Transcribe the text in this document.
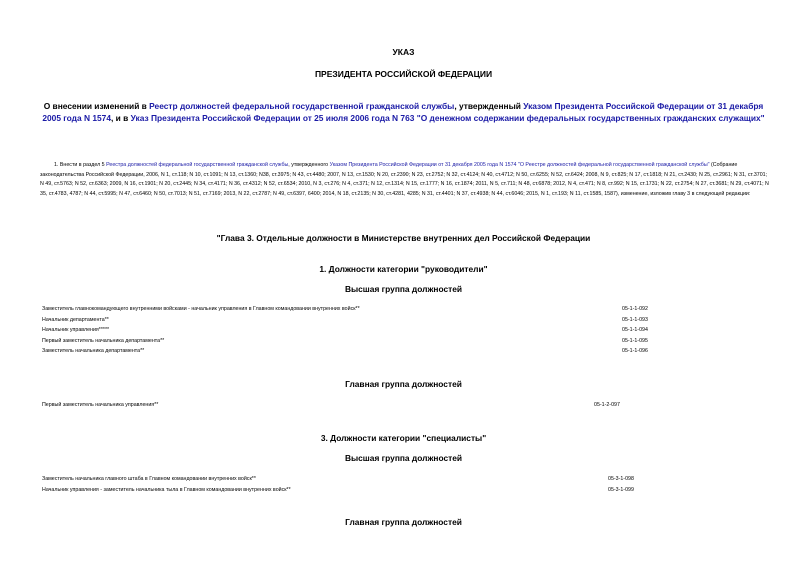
УКАЗ
ПРЕЗИДЕНТА РОССИЙСКОЙ ФЕДЕРАЦИИ
О внесении изменений в Реестр должностей федеральной государственной гражданской службы, утвержденный Указом Президента Российской Федерации от 31 декабря 2005 года N 1574, и в Указ Президента Российской Федерации от 25 июля 2006 года N 763 "О денежном содержании федеральных государственных гражданских служащих"
1. Внести в раздел 5 Реестра должностей федеральной государственной гражданской службы, утвержденного Указом Президента Российской Федерации от 31 декабря 2005 года N 1574 "О Реестре должностей федеральной государственной гражданской службы" (Собрание законодательства Российской Федерации, 2006, N 1, ст.118; N 10, ст.1091; N 13, ст.1360; N38, ст.3975; N 43, ст.4480; 2007, N 13, ст.1530; N 20, ст.2390; N 23, ст.2752; N 32, ст.4124; N 40, ст.4712; N 50, ст.6255; N 52, ст.6424; 2008, N 9, ст.825; N 17, ст.1818; N 21, ст.2430; N 25, ст.2961; N 31, ст.3701; N 49, ст.5763; N 52, ст.6363; 2009, N 16, ст.1901; N 20, ст.2445; N 34, ст.4171; N 36, ст.4312; N 52, ст.6534; 2010, N 3, ст.276; N 4, ст.371; N 12, ст.1314; N 15, ст.1777; N 16, ст.1874; 2011, N 5, ст.711; N 48, ст.6878; 2012, N 4, ст.471; N 8, ст.992; N 15, ст.1731; N 22, ст.2754; N 27, ст.3681; N 29, ст.4071; N 35, ст.4783, 4787; N 44, ст.5995; N 47, ст.6460; N 50, ст.7013; N 51, ст.7169; 2013, N 22, ст.2787; N 49, ст.6397, 6400; 2014, N 18, ст.2135; N 30, ст.4281, 4285; N 31, ст.4401; N 37, ст.4938; N 44, ст.6046; 2015, N 1, ст.193; N 11, ст.1585, 1587), изменение, изложив главу 3 в следующей редакции:
"Глава 3. Отдельные должности в Министерстве внутренних дел Российской Федерации
1. Должности категории "руководители"
Высшая группа должностей
Заместитель главнокомандующего внутренними войсками - начальник управления в Главном командовании внутренних войск**	05-1-1-092
Начальник департамента**	05-1-1-093
Начальник управления*****	05-1-1-094
Первый заместитель начальника департамента**	05-1-1-095
Заместитель начальника департамента**	05-1-1-096
Главная группа должностей
Первый заместитель начальника управления**	05-1-2-097
3. Должности категории "специалисты"
Высшая группа должностей
Заместитель начальника главного штаба в Главном командовании внутренних войск**	05-3-1-098
Начальник управления - заместитель начальника тыла в Главном командовании внутренних войск**	05-3-1-099
Главная группа должностей
